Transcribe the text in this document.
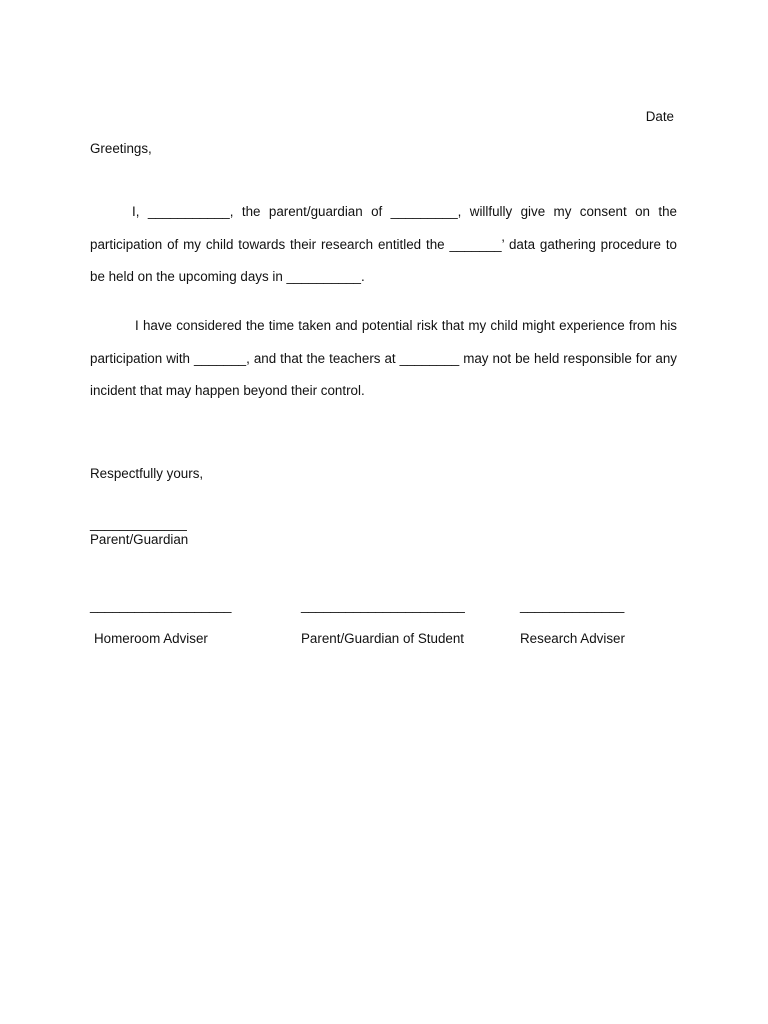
Date
Greetings,

I, ___________, the parent/guardian of _________, willfully give my consent on the participation of my child towards their research entitled the _______’ data gathering procedure to be held on the upcoming days in __________.

I have considered the time taken and potential risk that my child might experience from his participation with _______, and that the teachers at ________ may not be held responsible for any incident that may happen beyond their control.

Respectfully yours,
_____________
Parent/Guardian
___________________	______________________	______________
Homeroom Adviser	Parent/Guardian of Student	Research Adviser
